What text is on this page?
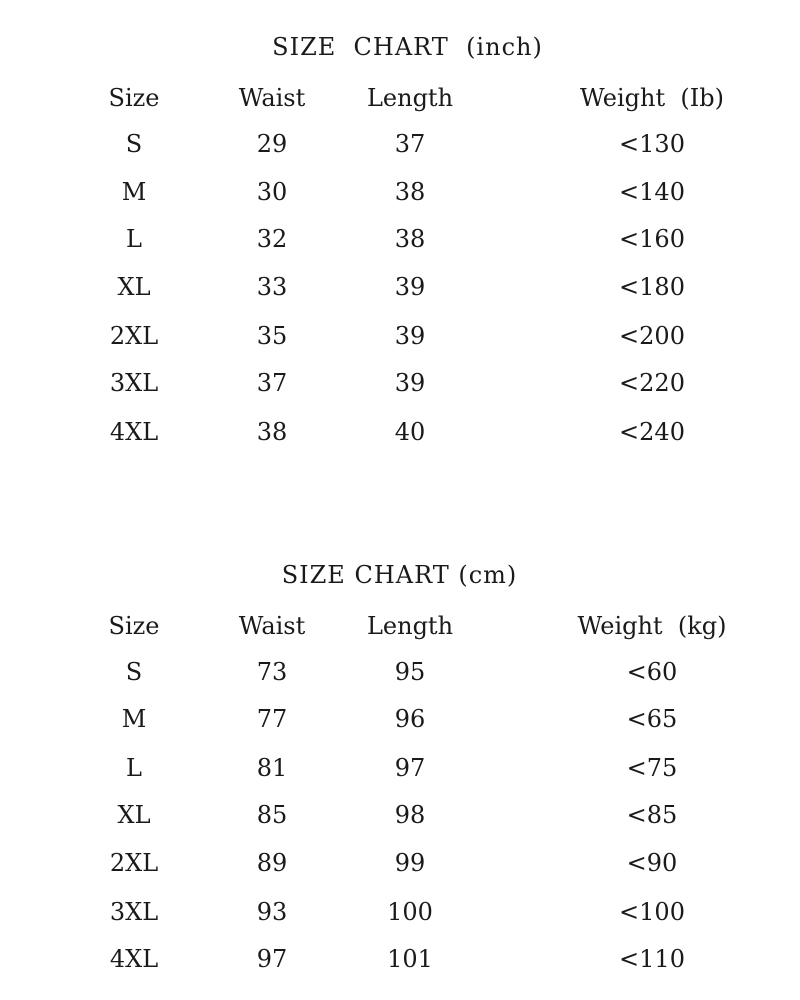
SIZE  CHART  (inch)
Size	Waist	Length	Weight  (Ib)
S	29	37	<130
M	30	38	<140
L	32	38	<160
XL	33	39	<180
2XL	35	39	<200
3XL	37	39	<220
4XL	38	40	<240
SIZE CHART (cm)
Size	Waist	Length	Weight  (kg)
S	73	95	<60
M	77	96	<65
L	81	97	<75
XL	85	98	<85
2XL	89	99	<90
3XL	93	100	<100
4XL	97	101	<110
